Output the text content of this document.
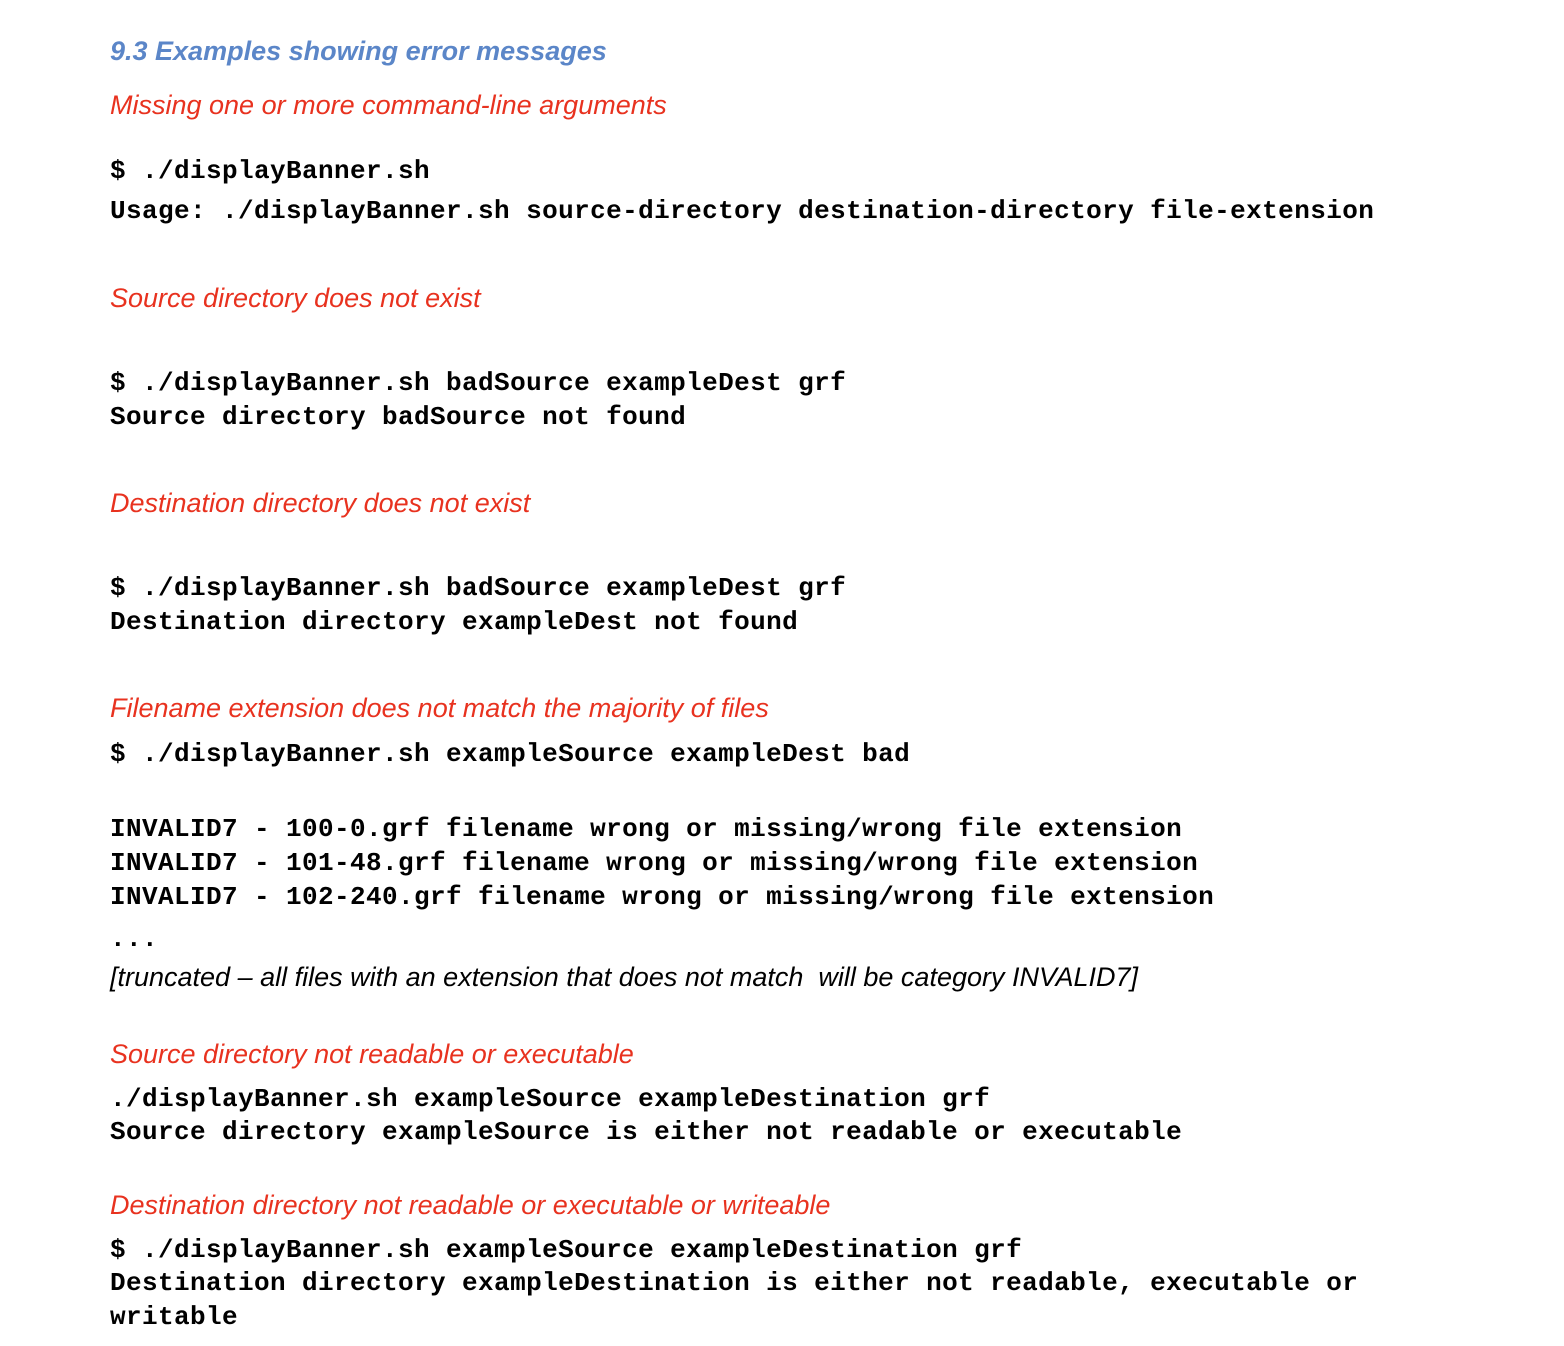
9.3 Examples showing error messages
Missing one or more command-line arguments
$ ./displayBanner.sh
Usage: ./displayBanner.sh source-directory destination-directory file-extension
Source directory does not exist
$ ./displayBanner.sh badSource exampleDest grf
Source directory badSource not found
Destination directory does not exist
$ ./displayBanner.sh badSource exampleDest grf
Destination directory exampleDest not found
Filename extension does not match the majority of files
$ ./displayBanner.sh exampleSource exampleDest bad
INVALID7 - 100-0.grf filename wrong or missing/wrong file extension
INVALID7 - 101-48.grf filename wrong or missing/wrong file extension
INVALID7 - 102-240.grf filename wrong or missing/wrong file extension
...
[truncated – all files with an extension that does not match  will be category INVALID7]
Source directory not readable or executable
./displayBanner.sh exampleSource exampleDestination grf
Source directory exampleSource is either not readable or executable
Destination directory not readable or executable or writeable
$ ./displayBanner.sh exampleSource exampleDestination grf
Destination directory exampleDestination is either not readable, executable or
writable
